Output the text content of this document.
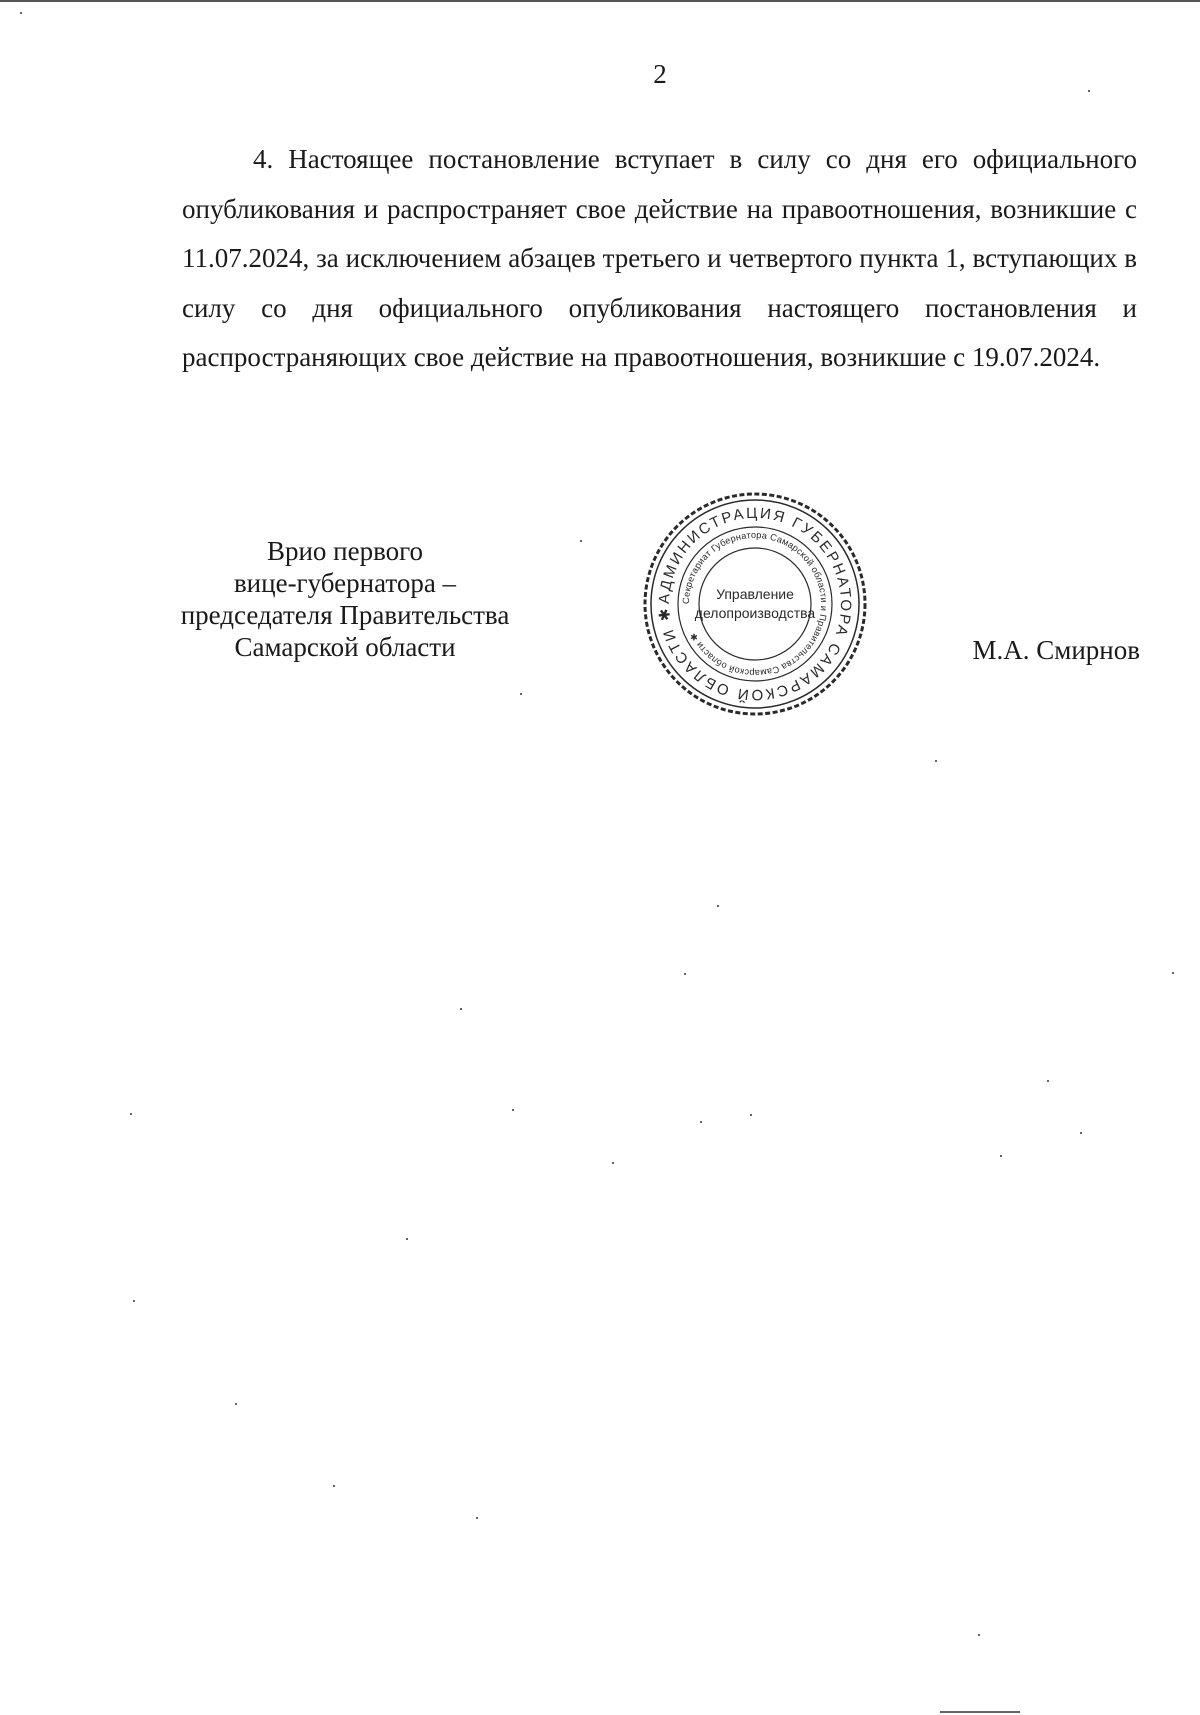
2

4. Настоящее постановление вступает в силу со дня его официального опубликования и распространяет свое действие на правоотношения, возникшие с 11.07.2024, за исключением абзацев третьего и четвертого пункта 1, вступающих в силу со дня официального опубликования настоящего постановления и распространяющих свое действие на правоотношения, возникшие с 19.07.2024.

Врио первого
вице-губернатора –
председателя Правительства
Самарской области
АДМИНИСТРАЦИЯ ГУБЕРНАТОРА САМАРСКОЙ ОБЛАСТИ ✱
Секретариат Губернатора Самарской области и Правительства Самарской области ✱
Управление
делопроизводства
М.А. Смирнов
